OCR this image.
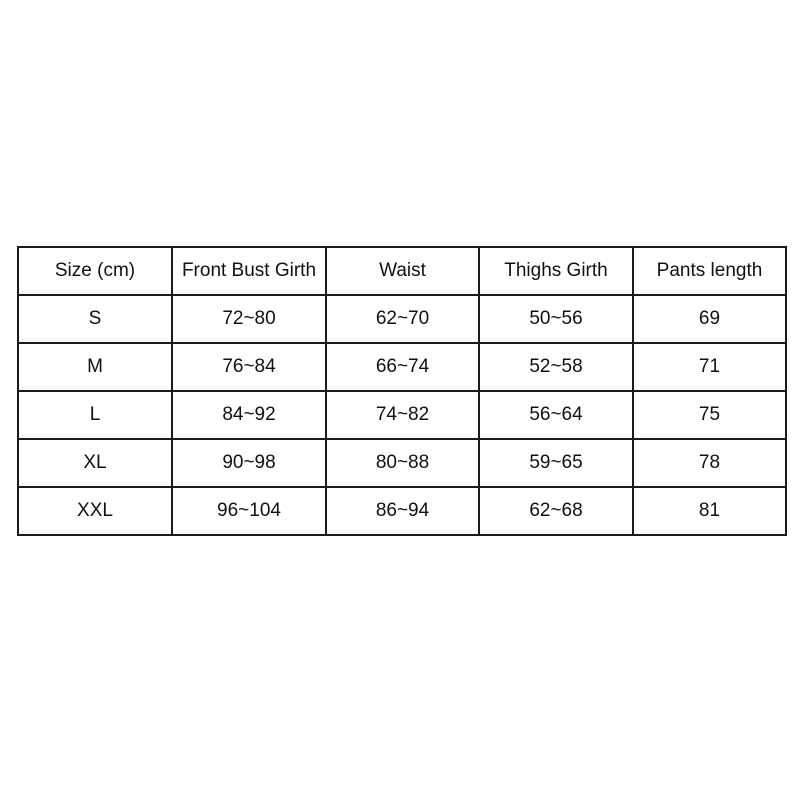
Size (cm)	Front Bust Girth	Waist	Thighs Girth	Pants length
S	72~80	62~70	50~56	69
M	76~84	66~74	52~58	71
L	84~92	74~82	56~64	75
XL	90~98	80~88	59~65	78
XXL	96~104	86~94	62~68	81
